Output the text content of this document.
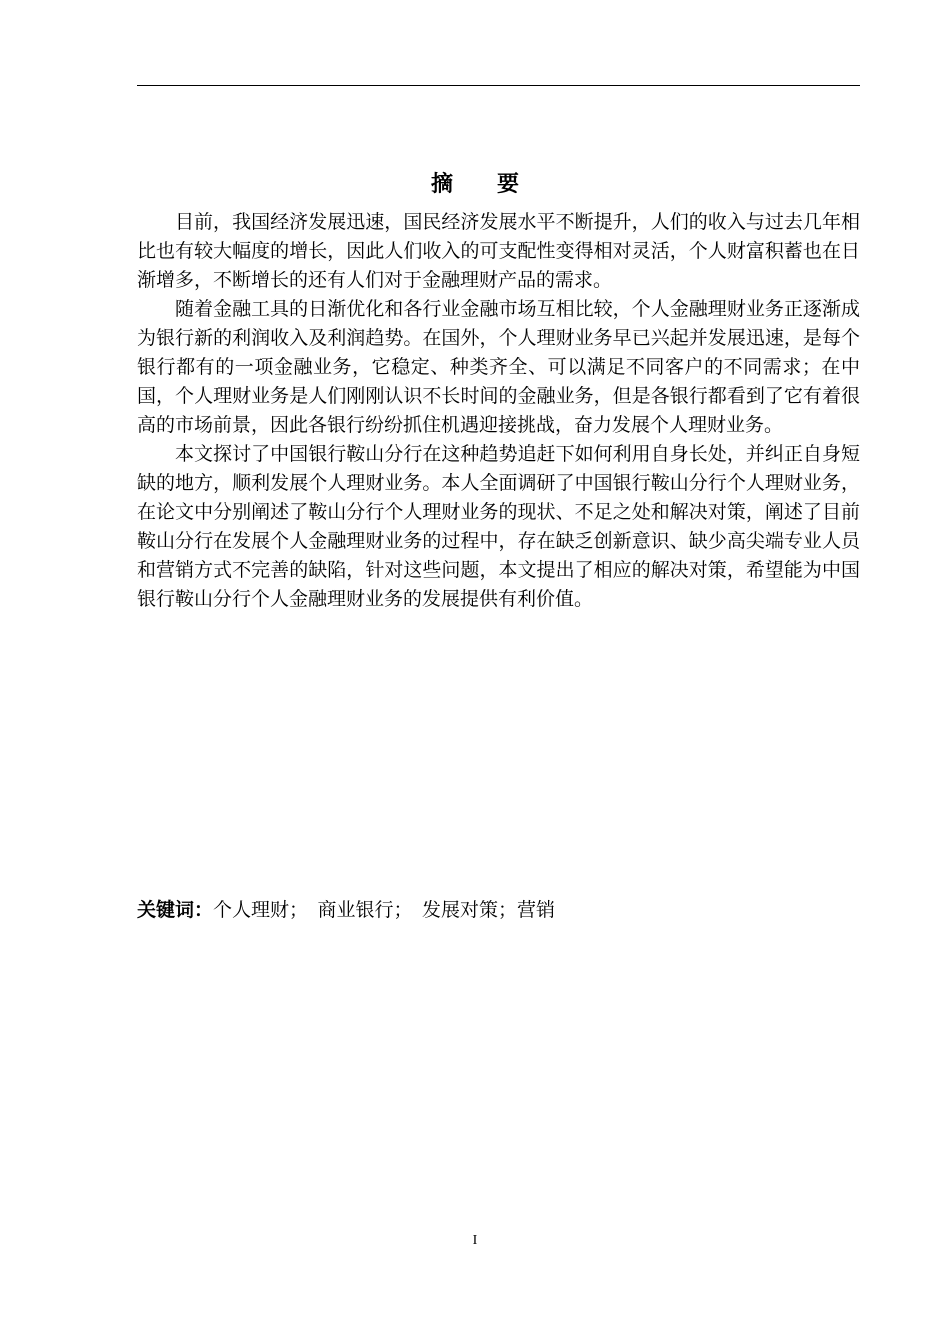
摘要

目前，我国经济发展迅速，国民经济发展水平不断提升，人们的收入与过去几年相比也有较大幅度的增长，因此人们收入的可支配性变得相对灵活，个人财富积蓄也在日渐增多，不断增长的还有人们对于金融理财产品的需求。

随着金融工具的日渐优化和各行业金融市场互相比较，个人金融理财业务正逐渐成为银行新的利润收入及利润趋势。在国外，个人理财业务早已兴起并发展迅速，是每个银行都有的一项金融业务，它稳定、种类齐全、可以满足不同客户的不同需求；在中国，个人理财业务是人们刚刚认识不长时间的金融业务，但是各银行都看到了它有着很高的市场前景，因此各银行纷纷抓住机遇迎接挑战，奋力发展个人理财业务。

本文探讨了中国银行鞍山分行在这种趋势追赶下如何利用自身长处，并纠正自身短缺的地方，顺利发展个人理财业务。本人全面调研了中国银行鞍山分行个人理财业务，在论文中分别阐述了鞍山分行个人理财业务的现状、不足之处和解决对策，阐述了目前鞍山分行在发展个人金融理财业务的过程中，存在缺乏创新意识、缺少高尖端专业人员和营销方式不完善的缺陷，针对这些问题，本文提出了相应的解决对策，希望能为中国银行鞍山分行个人金融理财业务的发展提供有利价值。

关键词：个人理财；　商业银行；　发展对策；营销
I
